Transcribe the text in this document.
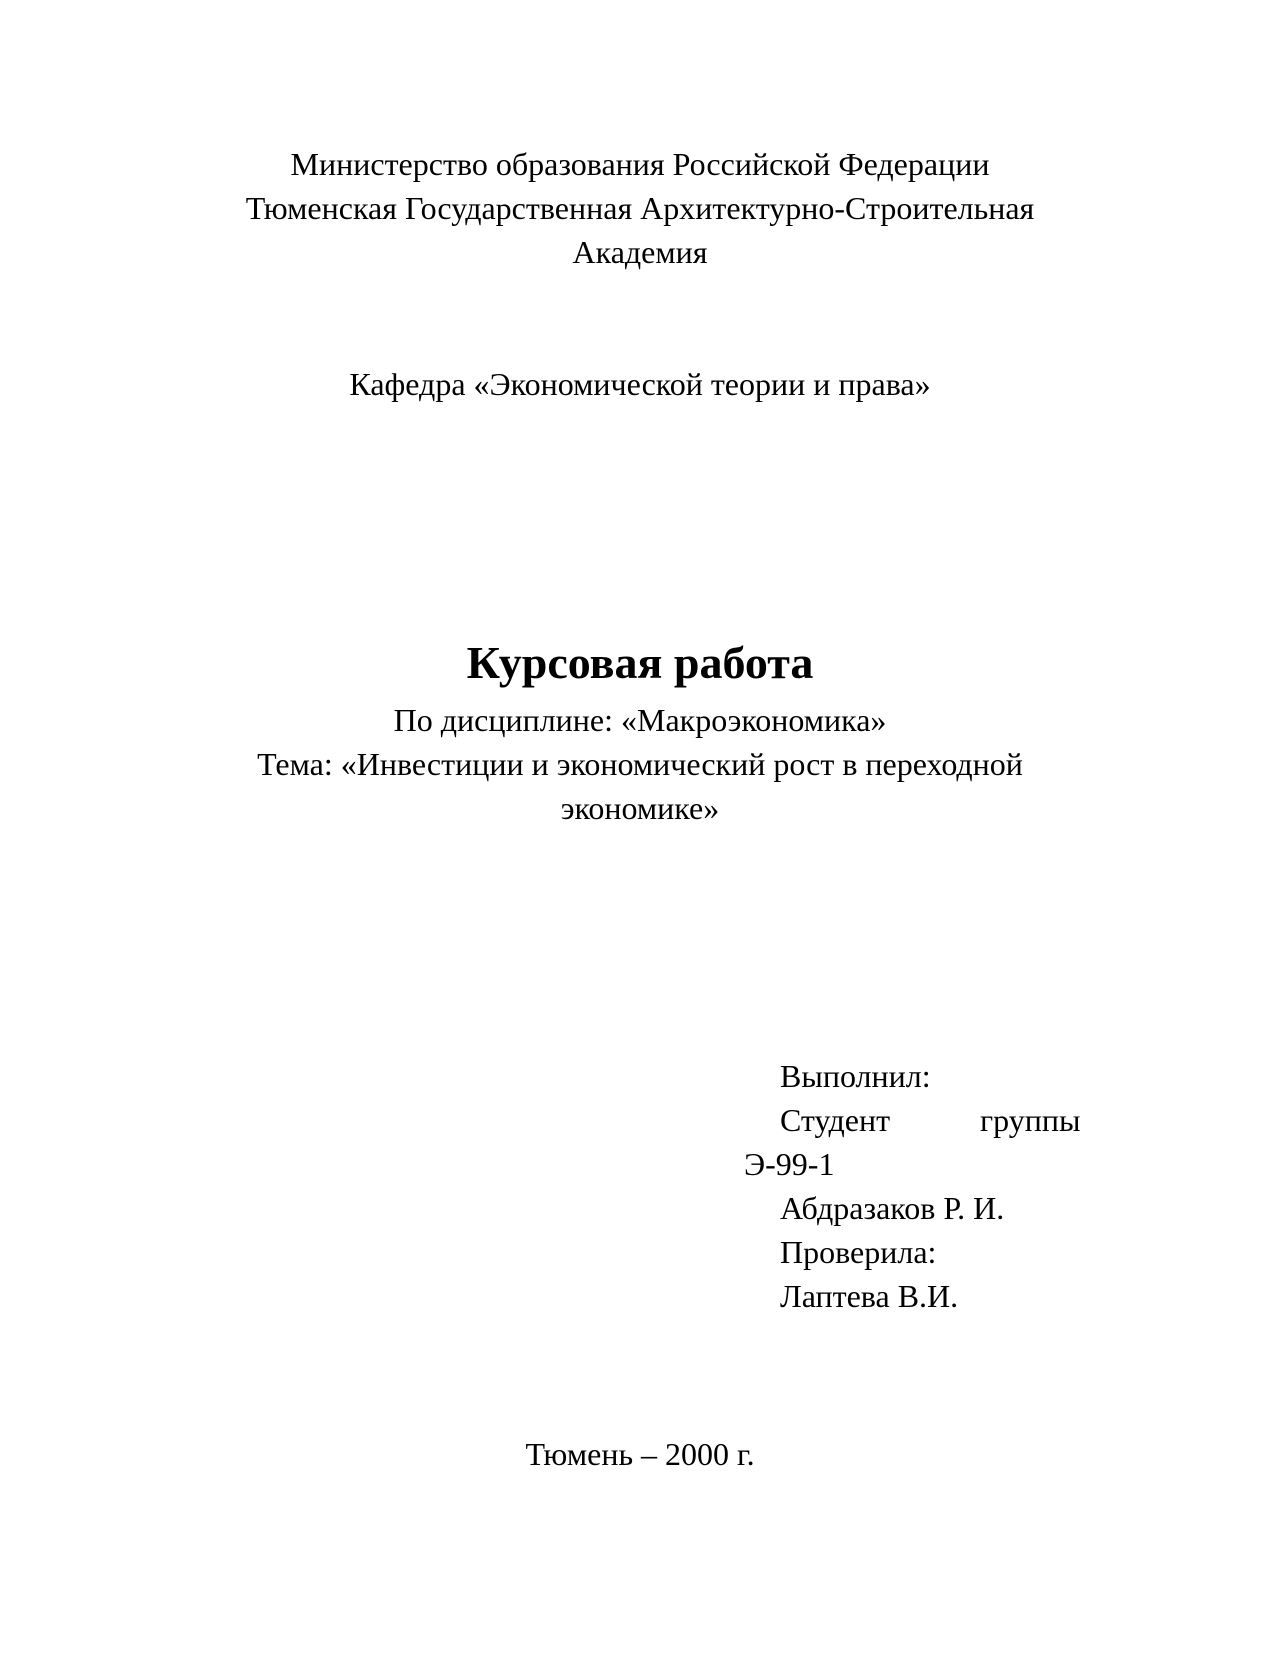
Министерство образования Российской Федерации
Тюменская Государственная Архитектурно-Строительная
Академия
Кафедра «Экономической теории и права»
Курсовая работа
По дисциплине: «Макроэкономика»
Тема: «Инвестиции и экономический рост в переходной
экономике»
Выполнил:
Студент	группы
Э-99-1
Абдразаков Р. И.
Проверила:
Лаптева В.И.
Тюмень – 2000 г.
